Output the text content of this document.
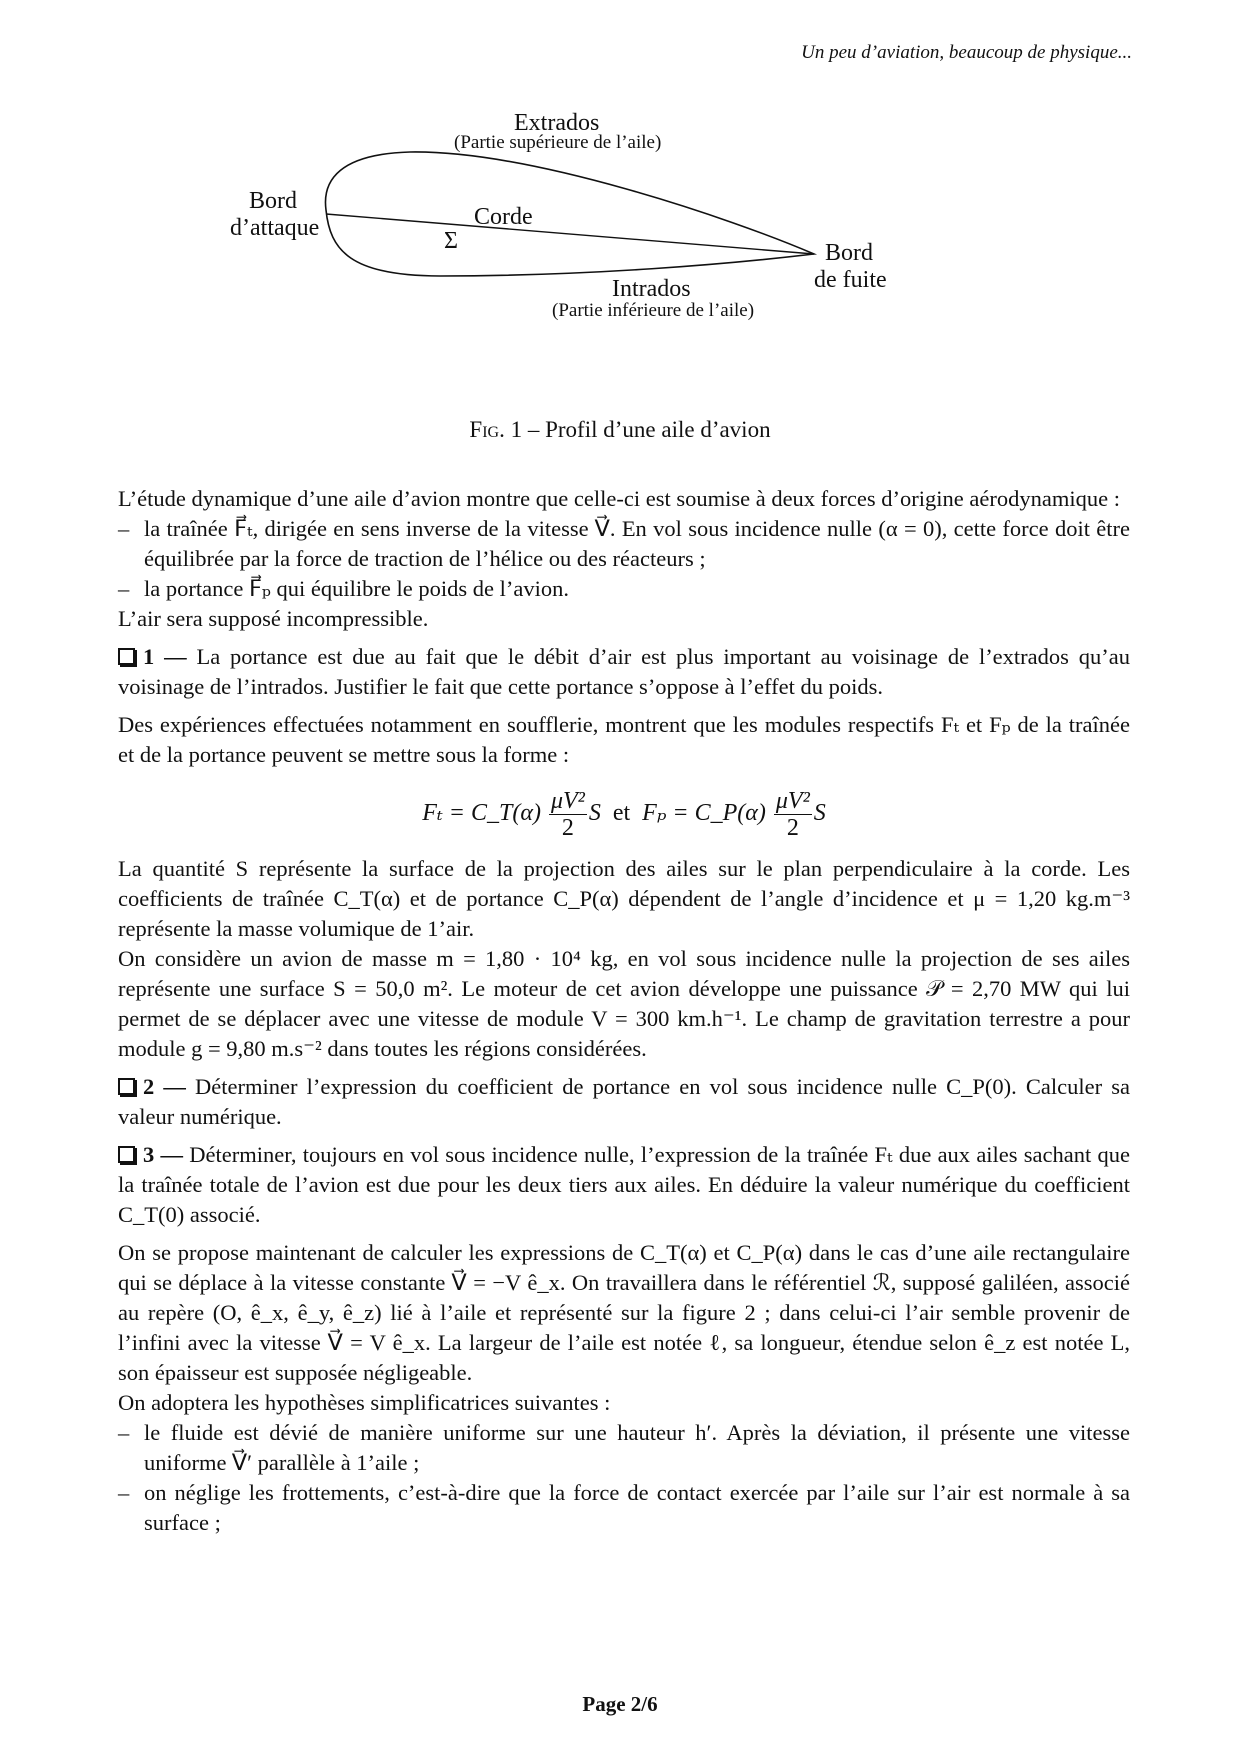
Un peu d’aviation, beaucoup de physique...
Extrados
(Partie supérieure de l’aile)
Bord
d’attaque	Corde
Σ	Bord
de fuite
Intrados
(Partie inférieure de l’aile)
Fig. 1 – Profil d’une aile d’avion

L’étude dynamique d’une aile d’avion montre que celle-ci est soumise à deux forces d’origine aérodynamique :

– la traînée F⃗ₜ, dirigée en sens inverse de la vitesse V⃗. En vol sous incidence nulle (α = 0), cette force doit être équilibrée par la force de traction de l’hélice ou des réacteurs ;
– la portance F⃗ₚ qui équilibre le poids de l’avion.

L’air sera supposé incompressible.

1 — La portance est due au fait que le débit d’air est plus important au voisinage de l’extrados qu’au voisinage de l’intrados. Justifier le fait que cette portance s’oppose à l’effet du poids.

Des expériences effectuées notamment en soufflerie, montrent que les modules respectifs Fₜ et Fₚ de la traînée et de la portance peuvent se mettre sous la forme :

Fₜ = C_T(α) $\frac{\text{μV²}}{2}$ S et Fₚ = C_P(α) $\frac{\text{μV²}}{2}$ S

La quantité S représente la surface de la projection des ailes sur le plan perpendiculaire à la corde. Les coefficients de traînée C_T(α) et de portance C_P(α) dépendent de l’angle d’incidence et μ = 1,20 kg.m⁻³ représente la masse volumique de 1’air.

On considère un avion de masse m = 1,80 · 10⁴ kg, en vol sous incidence nulle la projection de ses ailes représente une surface S = 50,0 m². Le moteur de cet avion développe une puissance 𝒫 = 2,70 MW qui lui permet de se déplacer avec une vitesse de module V = 300 km.h⁻¹. Le champ de gravitation terrestre a pour module g = 9,80 m.s⁻² dans toutes les régions considérées.

2 — Déterminer l’expression du coefficient de portance en vol sous incidence nulle C_P(0). Calculer sa valeur numérique.

3 — Déterminer, toujours en vol sous incidence nulle, l’expression de la traînée Fₜ due aux ailes sachant que la traînée totale de l’avion est due pour les deux tiers aux ailes. En déduire la valeur numérique du coefficient C_T(0) associé.

On se propose maintenant de calculer les expressions de C_T(α) et C_P(α) dans le cas d’une aile rectangulaire qui se déplace à la vitesse constante V⃗ = −V ê_x. On travaillera dans le référentiel ℛ, supposé galiléen, associé au repère (O, ê_x, ê_y, ê_z) lié à l’aile et représenté sur la figure 2 ; dans celui-ci l’air semble provenir de l’infini avec la vitesse V⃗ = V ê_x. La largeur de l’aile est notée ℓ, sa longueur, étendue selon ê_z est notée L, son épaisseur est supposée négligeable.

On adoptera les hypothèses simplificatrices suivantes :

– le fluide est dévié de manière uniforme sur une hauteur h′. Après la déviation, il présente une vitesse uniforme V⃗′ parallèle à 1’aile ;
– on néglige les frottements, c’est-à-dire que la force de contact exercée par l’aile sur l’air est normale à sa surface ;
Page 2/6
